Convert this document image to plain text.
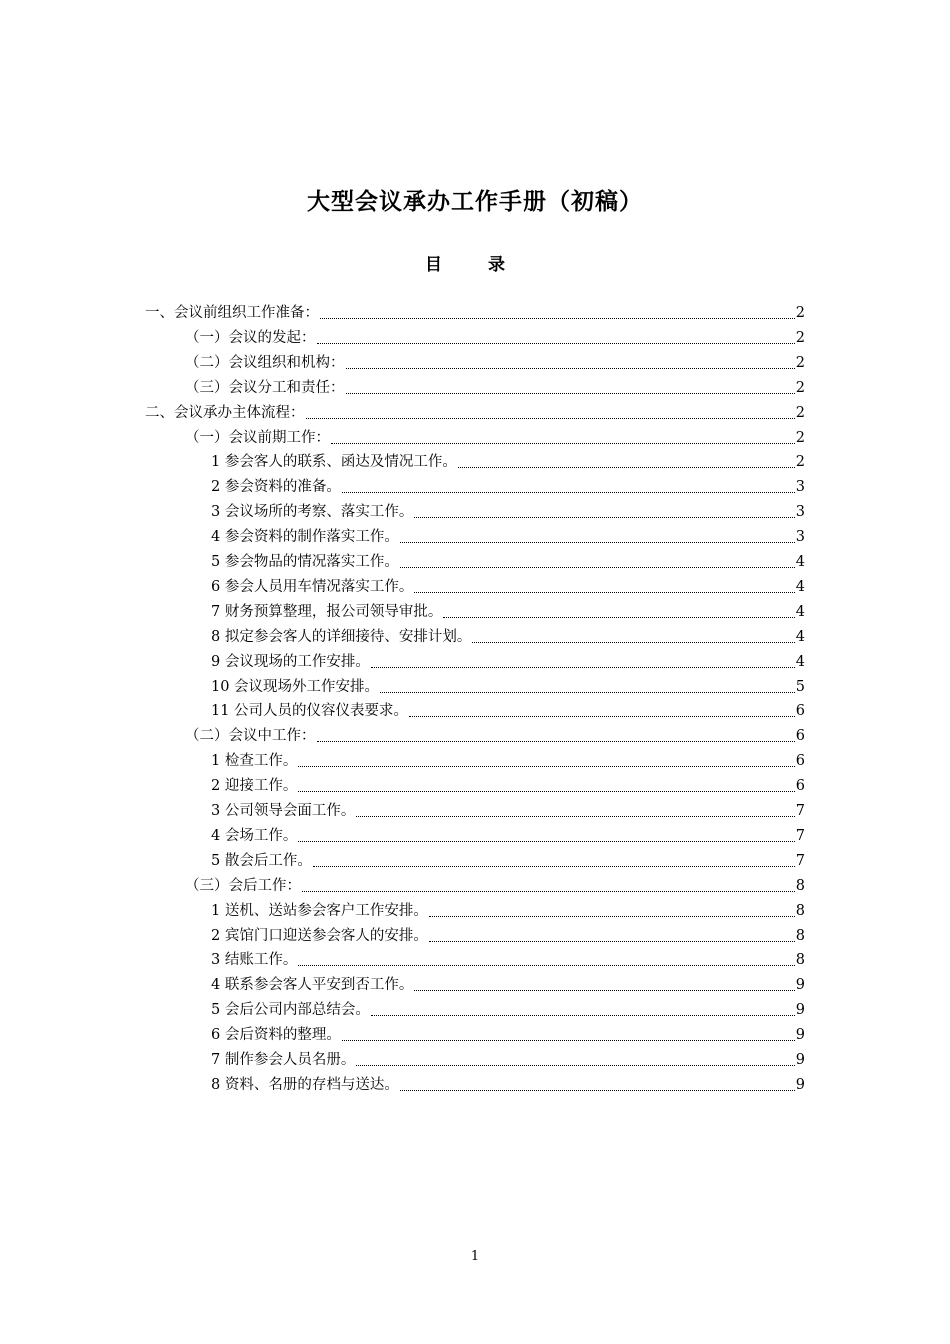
大型会议承办工作手册（初稿）
目 录
一、会议前组织工作准备：	2
（一）会议的发起：	2
（二）会议组织和机构：	2
（三）会议分工和责任：	2
二、会议承办主体流程：	2
（一）会议前期工作：	2
1 参会客人的联系、函达及情况工作。	2
2 参会资料的准备。	3
3 会议场所的考察、落实工作。	3
4 参会资料的制作落实工作。	3
5 参会物品的情况落实工作。	4
6 参会人员用车情况落实工作。	4
7 财务预算整理，报公司领导审批。	4
8 拟定参会客人的详细接待、安排计划。	4
9 会议现场的工作安排。	4
10 会议现场外工作安排。	5
11 公司人员的仪容仪表要求。	6
（二）会议中工作：	6
1 检查工作。	6
2 迎接工作。	6
3 公司领导会面工作。	7
4 会场工作。	7
5 散会后工作。	7
（三）会后工作：	8
1 送机、送站参会客户工作安排。	8
2 宾馆门口迎送参会客人的安排。	8
3 结账工作。	8
4 联系参会客人平安到否工作。	9
5 会后公司内部总结会。	9
6 会后资料的整理。	9
7 制作参会人员名册。	9
8 资料、名册的存档与送达。	9
1
